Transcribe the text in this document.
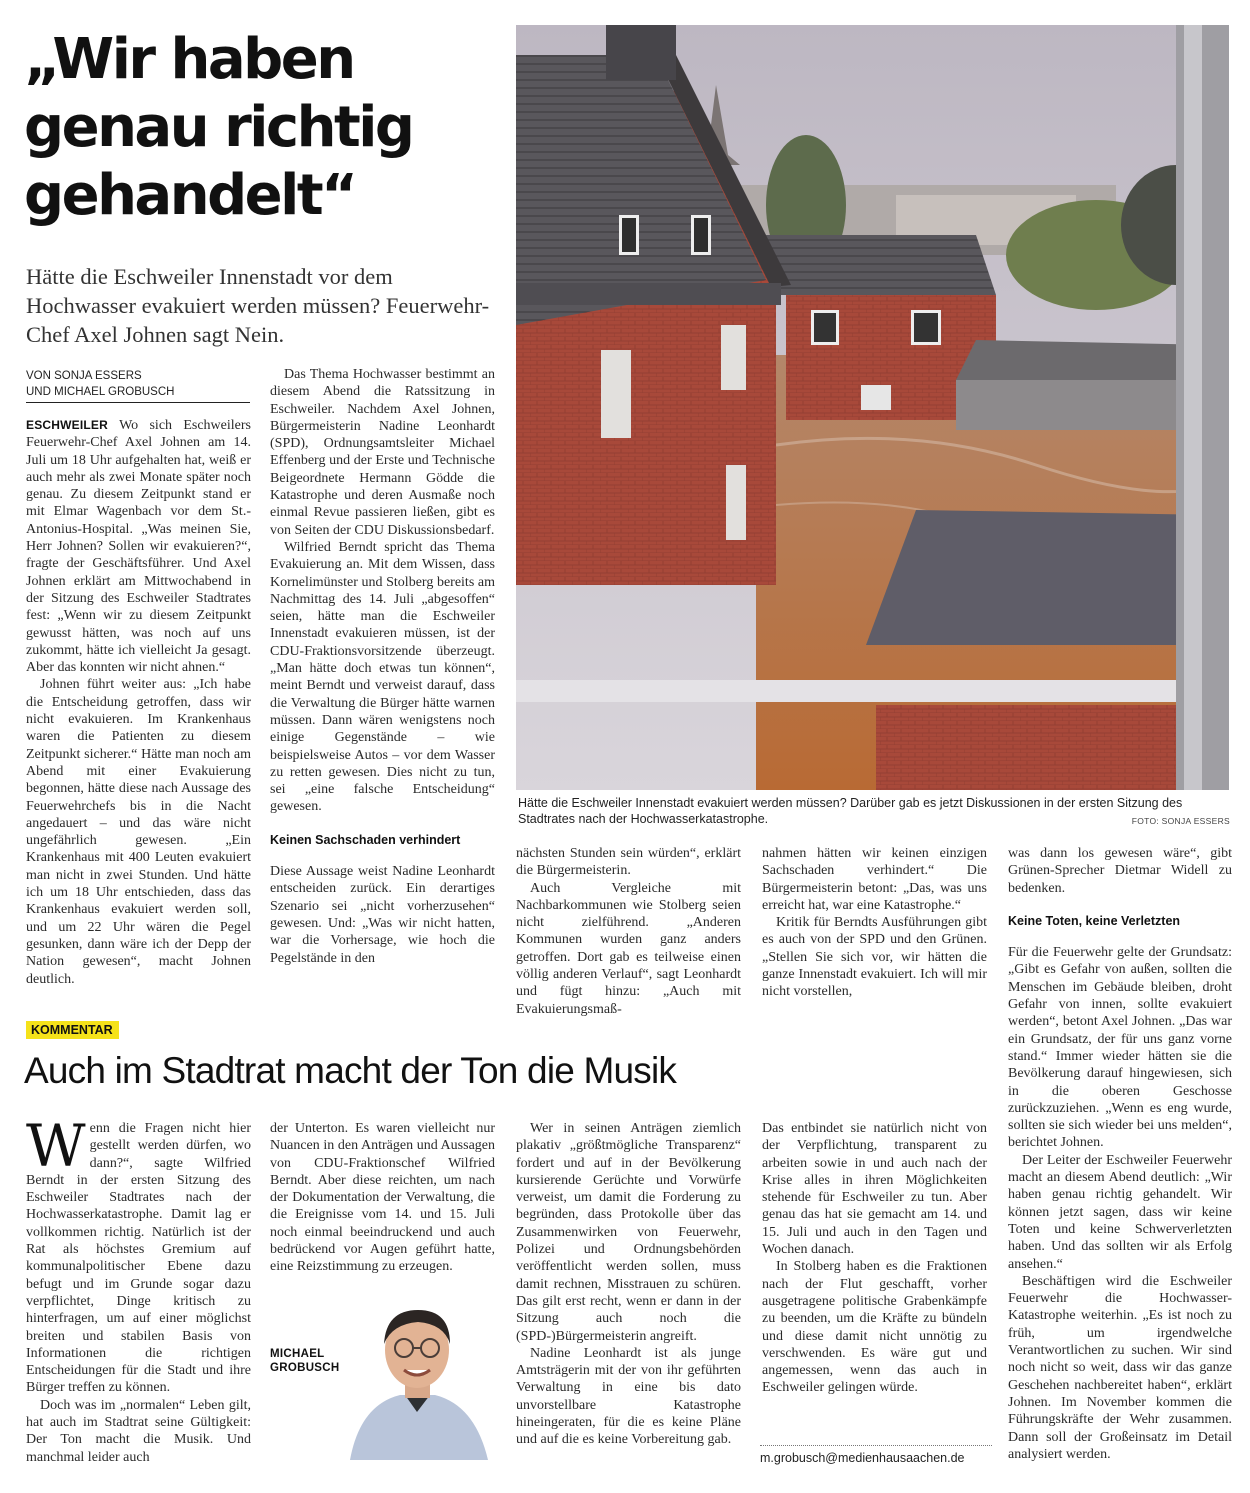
„Wir haben genau richtig gehandelt“

Hätte die Eschweiler Innenstadt vor dem Hochwasser evakuiert werden müssen? Feuerwehr-Chef Axel Johnen sagt Nein.

VON SONJA ESSERS
UND MICHAEL GROBUSCH

ESCHWEILER Wo sich Eschweilers Feuerwehr-Chef Axel Johnen am 14. Juli um 18 Uhr aufgehalten hat, weiß er auch mehr als zwei Monate später noch genau. Zu diesem Zeitpunkt stand er mit Elmar Wagenbach vor dem St.-Antonius-Hospital. „Was meinen Sie, Herr Johnen? Sollen wir evakuieren?“, fragte der Geschäftsführer. Und Axel Johnen erklärt am Mittwochabend in der Sitzung des Eschweiler Stadtrates fest: „Wenn wir zu diesem Zeitpunkt gewusst hätten, was noch auf uns zukommt, hätte ich vielleicht Ja gesagt. Aber das konnten wir nicht ahnen.“

Johnen führt weiter aus: „Ich habe die Entscheidung getroffen, dass wir nicht evakuieren. Im Krankenhaus waren die Patienten zu diesem Zeitpunkt sicherer.“ Hätte man noch am Abend mit einer Evakuierung begonnen, hätte diese nach Aussage des Feuerwehrchefs bis in die Nacht angedauert – und das wäre nicht ungefährlich gewesen. „Ein Krankenhaus mit 400 Leuten evakuiert man nicht in zwei Stunden. Und hätte ich um 18 Uhr entschieden, dass das Krankenhaus evakuiert werden soll, und um 22 Uhr wären die Pegel gesunken, dann wäre ich der Depp der Nation gewesen“, macht Johnen deutlich.

Das Thema Hochwasser bestimmt an diesem Abend die Ratssitzung in Eschweiler. Nachdem Axel Johnen, Bürgermeisterin Nadine Leonhardt (SPD), Ordnungsamtsleiter Michael Effenberg und der Erste und Technische Beigeordnete Hermann Gödde die Katastrophe und deren Ausmaße noch einmal Revue passieren ließen, gibt es von Seiten der CDU Diskussionsbedarf.

Wilfried Berndt spricht das Thema Evakuierung an. Mit dem Wissen, dass Kornelimünster und Stolberg bereits am Nachmittag des 14. Juli „abgesoffen“ seien, hätte man die Eschweiler Innenstadt evakuieren müssen, ist der CDU-Fraktionsvorsitzende überzeugt. „Man hätte doch etwas tun können“, meint Berndt und verweist darauf, dass die Verwaltung die Bürger hätte warnen müssen. Dann wären wenigstens noch einige Gegenstände – wie beispielsweise Autos – vor dem Wasser zu retten gewesen. Dies nicht zu tun, sei „eine falsche Entscheidung“ gewesen.

Keinen Sachschaden verhindert

Diese Aussage weist Nadine Leonhardt entscheiden zurück. Ein derartiges Szenario sei „nicht vorherzusehen“ gewesen. Und: „Was wir nicht hatten, war die Vorhersage, wie hoch die Pegelstände in den

Hätte die Eschweiler Innenstadt evakuiert werden müssen? Darüber gab es jetzt Diskussionen in der ersten Sitzung des Stadtrates nach der Hochwasserkatastrophe.	FOTO: SONJA ESSERS

nächsten Stunden sein würden“, erklärt die Bürgermeisterin.

Auch Vergleiche mit Nachbarkommunen wie Stolberg seien nicht zielführend. „Anderen Kommunen wurden ganz anders getroffen. Dort gab es teilweise einen völlig anderen Verlauf“, sagt Leonhardt und fügt hinzu: „Auch mit Evakuierungsmaß-

nahmen hätten wir keinen einzigen Sachschaden verhindert.“ Die Bürgermeisterin betont: „Das, was uns erreicht hat, war eine Katastrophe.“

Kritik für Berndts Ausführungen gibt es auch von der SPD und den Grünen. „Stellen Sie sich vor, wir hätten die ganze Innenstadt evakuiert. Ich will mir nicht vorstellen,

was dann los gewesen wäre“, gibt Grünen-Sprecher Dietmar Widell zu bedenken.

Keine Toten, keine Verletzten

Für die Feuerwehr gelte der Grundsatz: „Gibt es Gefahr von außen, sollten die Menschen im Gebäude bleiben, droht Gefahr von innen, sollte evakuiert werden“, betont Axel Johnen. „Das war ein Grundsatz, der für uns ganz vorne stand.“ Immer wieder hätten sie die Bevölkerung darauf hingewiesen, sich in die oberen Geschosse zurückzuziehen. „Wenn es eng wurde, sollten sie sich wieder bei uns melden“, berichtet Johnen.

Der Leiter der Eschweiler Feuerwehr macht an diesem Abend deutlich: „Wir haben genau richtig gehandelt. Wir können jetzt sagen, dass wir keine Toten und keine Schwerverletzten haben. Und das sollten wir als Erfolg ansehen.“

Beschäftigen wird die Eschweiler Feuerwehr die Hochwasser-Katastrophe weiterhin. „Es ist noch zu früh, um irgendwelche Verantwortlichen zu suchen. Wir sind noch nicht so weit, dass wir das ganze Geschehen nachbereitet haben“, erklärt Johnen. Im November kommen die Führungskräfte der Wehr zusammen. Dann soll der Großeinsatz im Detail analysiert werden.

KOMMENTAR
Auch im Stadtrat macht der Ton die Musik

Wenn die Fragen nicht hier gestellt werden dürfen, wo dann?“, sagte Wilfried Berndt in der ersten Sitzung des Eschweiler Stadtrates nach der Hochwasserkatastrophe. Damit lag er vollkommen richtig. Natürlich ist der Rat als höchstes Gremium auf kommunalpolitischer Ebene dazu befugt und im Grunde sogar dazu verpflichtet, Dinge kritisch zu hinterfragen, um auf einer möglichst breiten und stabilen Basis von Informationen die richtigen Entscheidungen für die Stadt und ihre Bürger treffen zu können.

Doch was im „normalen“ Leben gilt, hat auch im Stadtrat seine Gültigkeit: Der Ton macht die Musik. Und manchmal leider auch

der Unterton. Es waren vielleicht nur Nuancen in den Anträgen und Aussagen von CDU-Fraktionschef Wilfried Berndt. Aber diese reichten, um nach der Dokumentation der Verwaltung, die die Ereignisse vom 14. und 15. Juli noch einmal beeindruckend und auch bedrückend vor Augen geführt hatte, eine Reizstimmung zu erzeugen.

MICHAEL
GROBUSCH

Wer in seinen Anträgen ziemlich plakativ „größtmögliche Transparenz“ fordert und auf in der Bevölkerung kursierende Gerüchte und Vorwürfe verweist, um damit die Forderung zu begründen, dass Protokolle über das Zusammenwirken von Feuerwehr, Polizei und Ordnungsbehörden veröffentlicht werden sollen, muss damit rechnen, Misstrauen zu schüren. Das gilt erst recht, wenn er dann in der Sitzung auch noch die (SPD-)Bürgermeisterin angreift.

Nadine Leonhardt ist als junge Amtsträgerin mit der von ihr geführten Verwaltung in eine bis dato unvorstellbare Katastrophe hineingeraten, für die es keine Pläne und auf die es keine Vorbereitung gab.

Das entbindet sie natürlich nicht von der Verpflichtung, transparent zu arbeiten sowie in und auch nach der Krise alles in ihren Möglichkeiten stehende für Eschweiler zu tun. Aber genau das hat sie gemacht am 14. und 15. Juli und auch in den Tagen und Wochen danach.

In Stolberg haben es die Fraktionen nach der Flut geschafft, vorher ausgetragene politische Grabenkämpfe zu beenden, um die Kräfte zu bündeln und diese damit nicht unnötig zu verschwenden. Es wäre gut und angemessen, wenn das auch in Eschweiler gelingen würde.

m.grobusch@medienhausaachen.de
